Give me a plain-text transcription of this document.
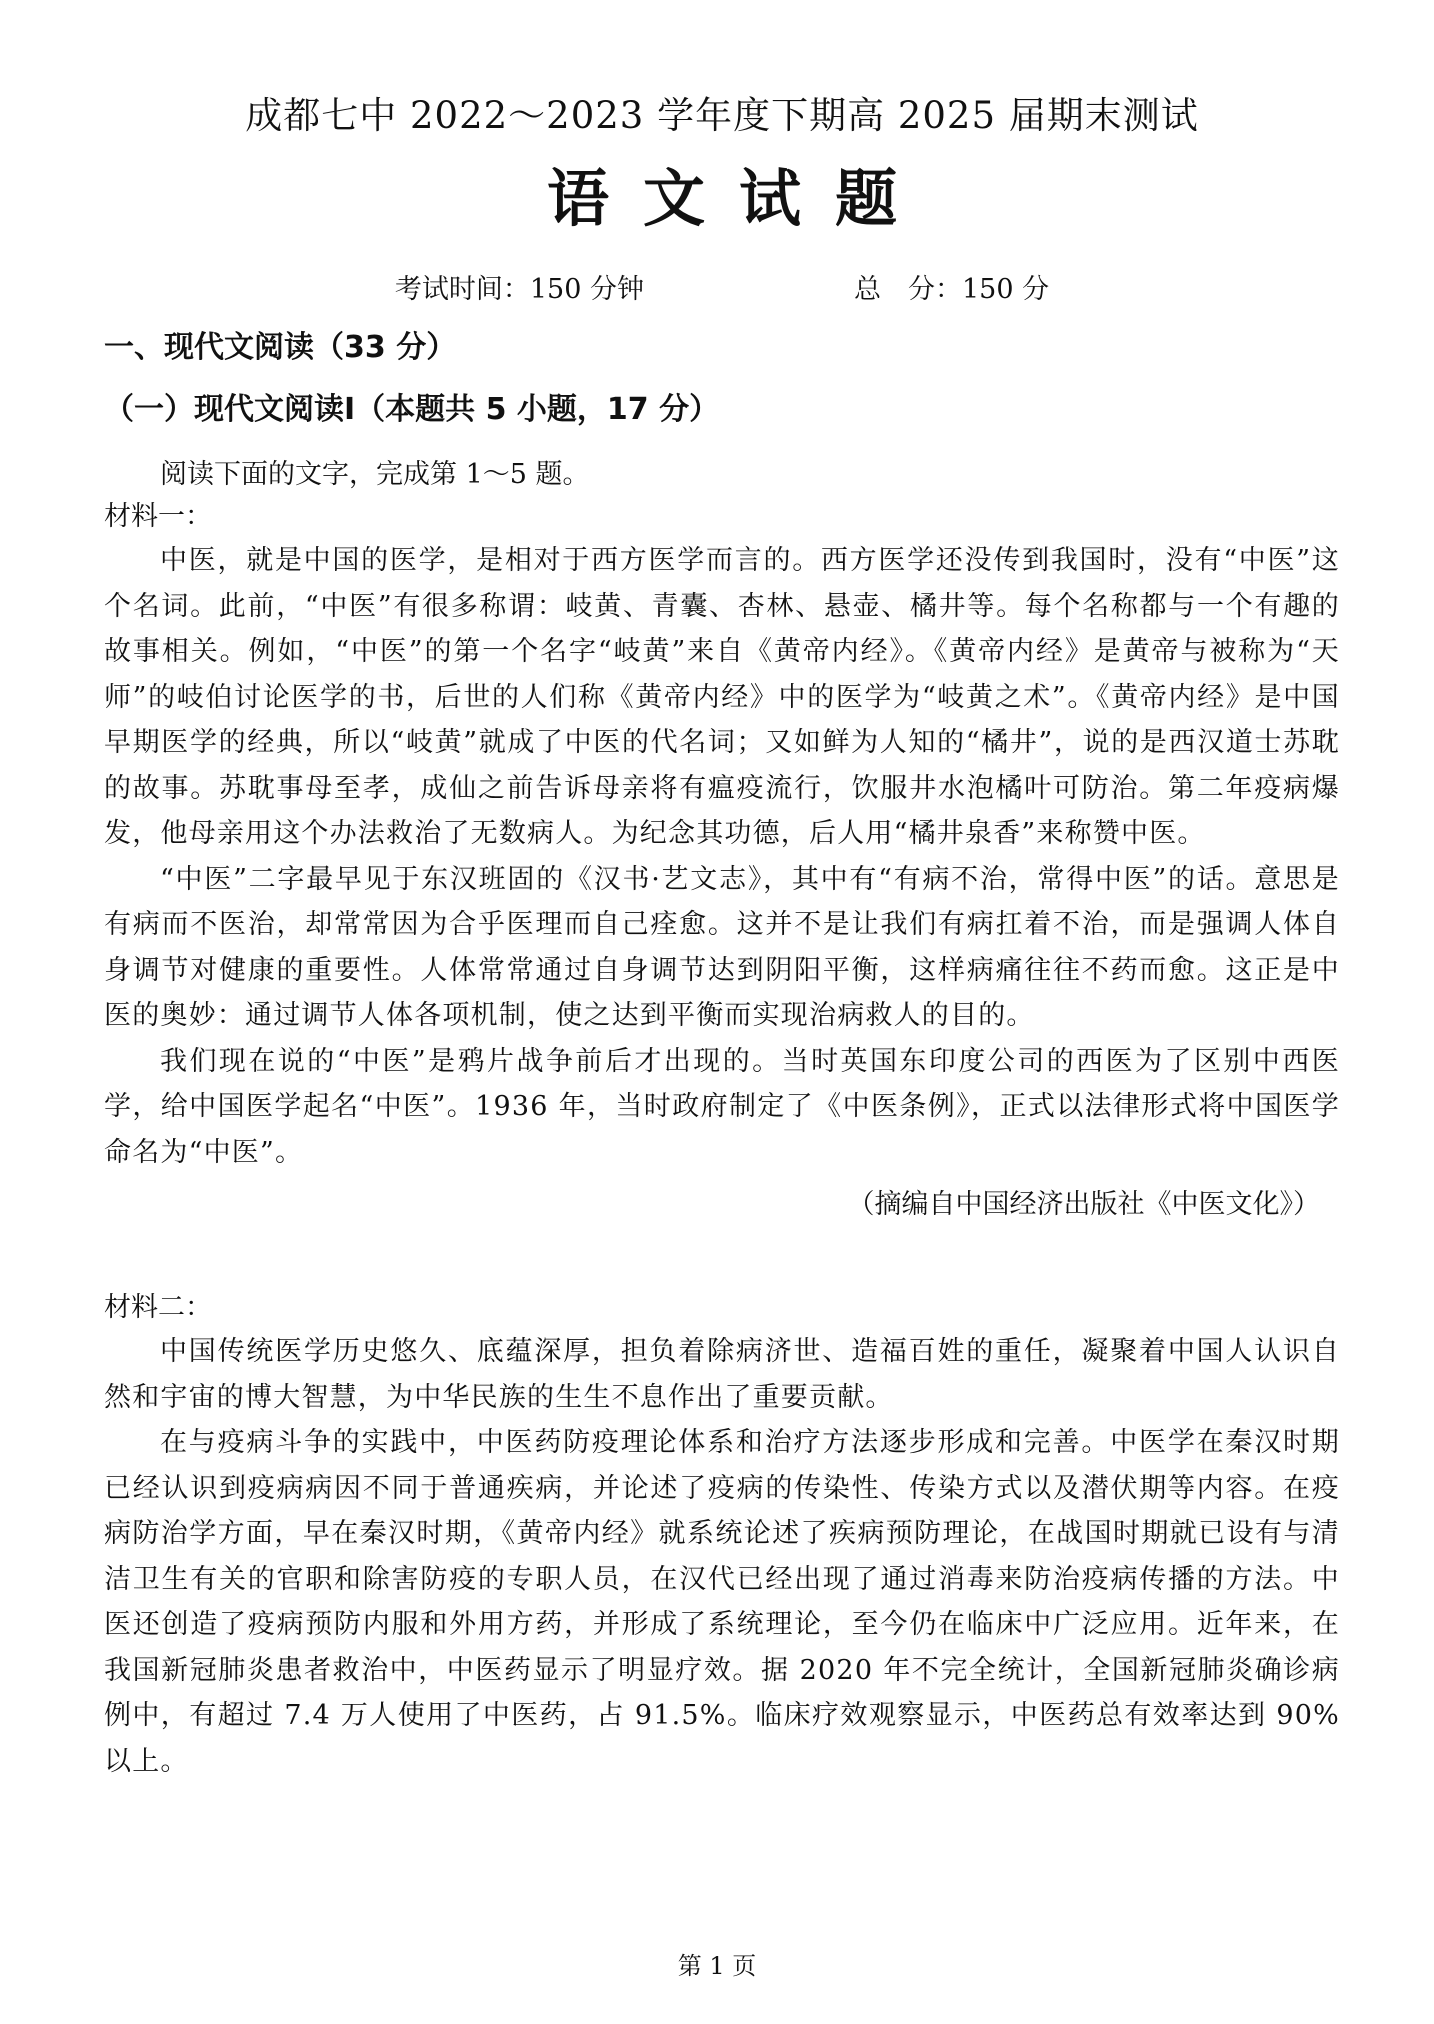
成都七中 2022～2023 学年度下期高 2025 届期末测试
语文试题
考试时间：150 分钟	总　分：150 分
一、现代文阅读（33 分）
（一）现代文阅读Ⅰ（本题共 5 小题，17 分）

阅读下面的文字，完成第 1～5 题。

材料一：

中医，就是中国的医学，是相对于西方医学而言的。西方医学还没传到我国时，没有“中医”这个名词。此前，“中医”有很多称谓：岐黄、青囊、杏林、悬壶、橘井等。每个名称都与一个有趣的故事相关。例如，“中医”的第一个名字“岐黄”来自《黄帝内经》。《黄帝内经》是黄帝与被称为“天师”的岐伯讨论医学的书，后世的人们称《黄帝内经》中的医学为“岐黄之术”。《黄帝内经》是中国早期医学的经典，所以“岐黄”就成了中医的代名词；又如鲜为人知的“橘井”，说的是西汉道士苏耽的故事。苏耽事母至孝，成仙之前告诉母亲将有瘟疫流行，饮服井水泡橘叶可防治。第二年疫病爆发，他母亲用这个办法救治了无数病人。为纪念其功德，后人用“橘井泉香”来称赞中医。

“中医”二字最早见于东汉班固的《汉书·艺文志》，其中有“有病不治，常得中医”的话。意思是有病而不医治，却常常因为合乎医理而自己痊愈。这并不是让我们有病扛着不治，而是强调人体自身调节对健康的重要性。人体常常通过自身调节达到阴阳平衡，这样病痛往往不药而愈。这正是中医的奥妙：通过调节人体各项机制，使之达到平衡而实现治病救人的目的。

我们现在说的“中医”是鸦片战争前后才出现的。当时英国东印度公司的西医为了区别中西医学，给中国医学起名“中医”。1936 年，当时政府制定了《中医条例》，正式以法律形式将中国医学命名为“中医”。

（摘编自中国经济出版社《中医文化》）

材料二：

中国传统医学历史悠久、底蕴深厚，担负着除病济世、造福百姓的重任，凝聚着中国人认识自然和宇宙的博大智慧，为中华民族的生生不息作出了重要贡献。

在与疫病斗争的实践中，中医药防疫理论体系和治疗方法逐步形成和完善。中医学在秦汉时期已经认识到疫病病因不同于普通疾病，并论述了疫病的传染性、传染方式以及潜伏期等内容。在疫病防治学方面，早在秦汉时期，《黄帝内经》就系统论述了疾病预防理论，在战国时期就已设有与清洁卫生有关的官职和除害防疫的专职人员，在汉代已经出现了通过消毒来防治疫病传播的方法。中医还创造了疫病预防内服和外用方药，并形成了系统理论，至今仍在临床中广泛应用。近年来，在我国新冠肺炎患者救治中，中医药显示了明显疗效。据 2020 年不完全统计，全国新冠肺炎确诊病例中，有超过 7.4 万人使用了中医药，占 91.5%。临床疗效观察显示，中医药总有效率达到 90%以上。

第 1 页
